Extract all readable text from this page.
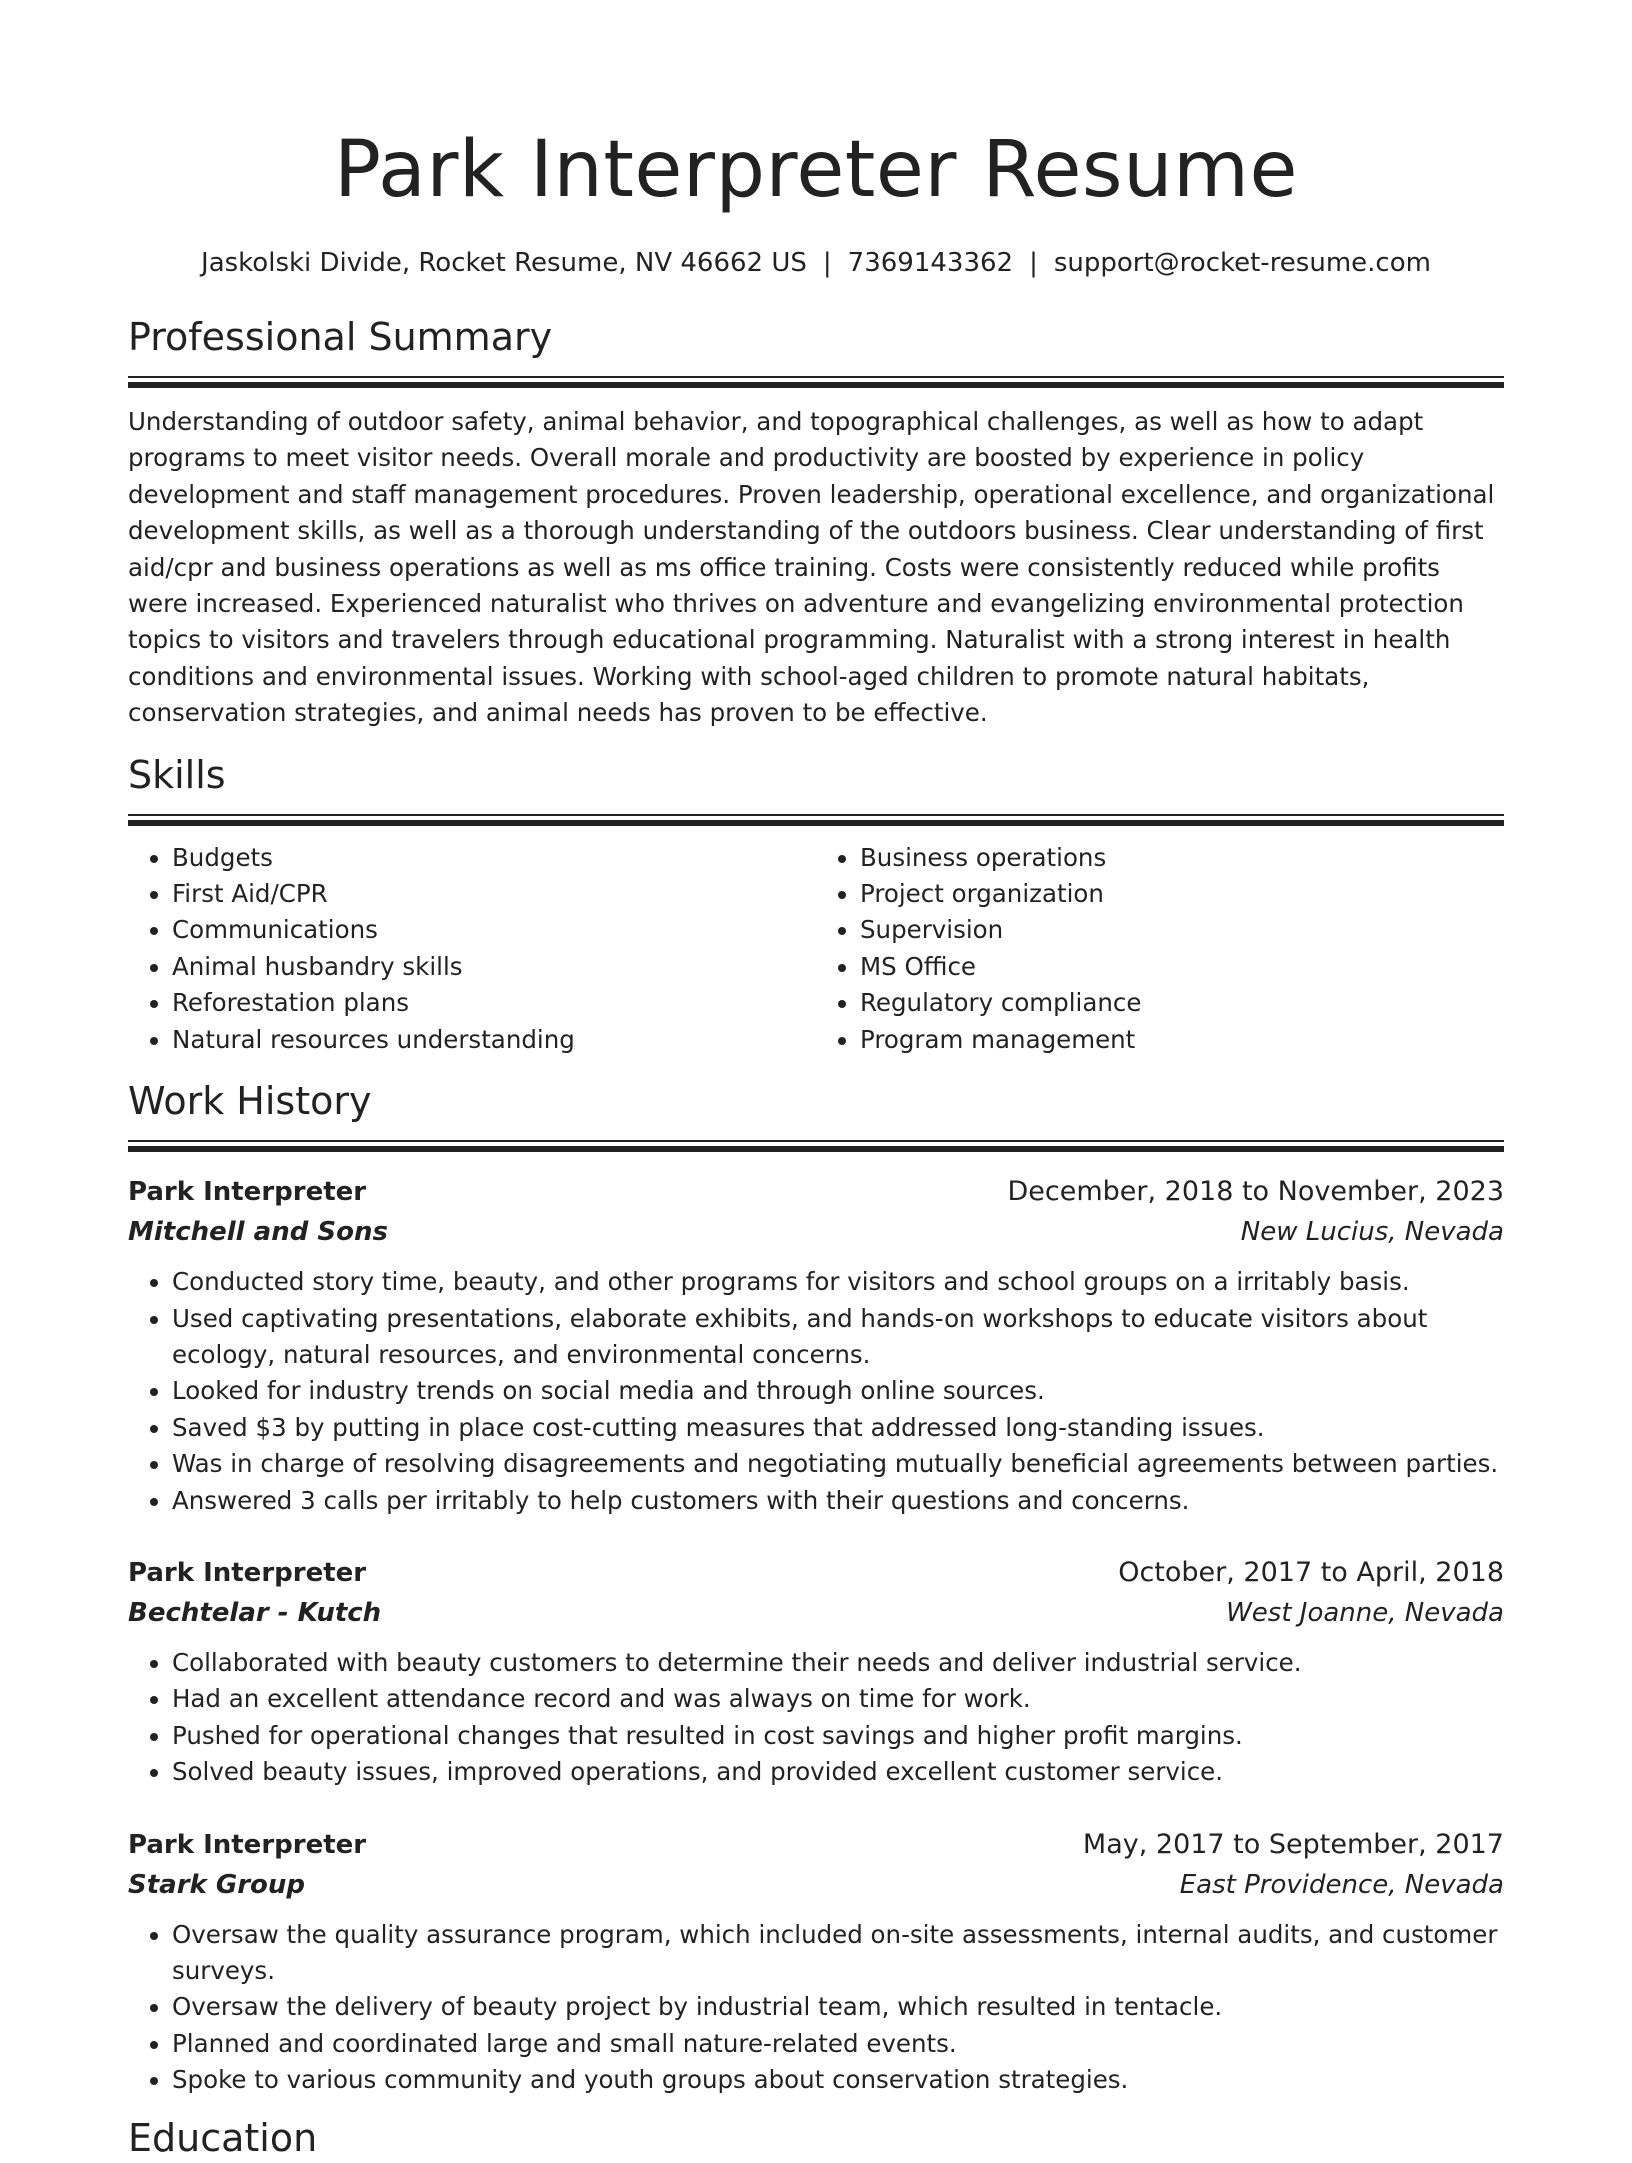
Park Interpreter Resume
Jaskolski Divide, Rocket Resume, NV 46662 US | 7369143362 | support@rocket-resume.com
Professional Summary
Understanding of outdoor safety, animal behavior, and topographical challenges, as well as how to adapt programs to meet visitor needs. Overall morale and productivity are boosted by experience in policy development and staff management procedures. Proven leadership, operational excellence, and organizational development skills, as well as a thorough understanding of the outdoors business. Clear understanding of first aid/cpr and business operations as well as ms office training. Costs were consistently reduced while profits were increased. Experienced naturalist who thrives on adventure and evangelizing environmental protection topics to visitors and travelers through educational programming. Naturalist with a strong interest in health conditions and environmental issues. Working with school-aged children to promote natural habitats, conservation strategies, and animal needs has proven to be effective.
Skills
• Budgets
• First Aid/CPR
• Communications
• Animal husbandry skills
• Reforestation plans
• Natural resources understanding
• Business operations
• Project organization
• Supervision
• MS Office
• Regulatory compliance
• Program management
Work History
Park Interpreter	December, 2018 to November, 2023
Mitchell and Sons	New Lucius, Nevada
• Conducted story time, beauty, and other programs for visitors and school groups on a irritably basis.
• Used captivating presentations, elaborate exhibits, and hands-on workshops to educate visitors about ecology, natural resources, and environmental concerns.
• Looked for industry trends on social media and through online sources.
• Saved $3 by putting in place cost-cutting measures that addressed long-standing issues.
• Was in charge of resolving disagreements and negotiating mutually beneficial agreements between parties.
• Answered 3 calls per irritably to help customers with their questions and concerns.
Park Interpreter	October, 2017 to April, 2018
Bechtelar - Kutch	West Joanne, Nevada
• Collaborated with beauty customers to determine their needs and deliver industrial service.
• Had an excellent attendance record and was always on time for work.
• Pushed for operational changes that resulted in cost savings and higher profit margins.
• Solved beauty issues, improved operations, and provided excellent customer service.
Park Interpreter	May, 2017 to September, 2017
Stark Group	East Providence, Nevada
• Oversaw the quality assurance program, which included on-site assessments, internal audits, and customer surveys.
• Oversaw the delivery of beauty project by industrial team, which resulted in tentacle.
• Planned and coordinated large and small nature-related events.
• Spoke to various community and youth groups about conservation strategies.
Education
